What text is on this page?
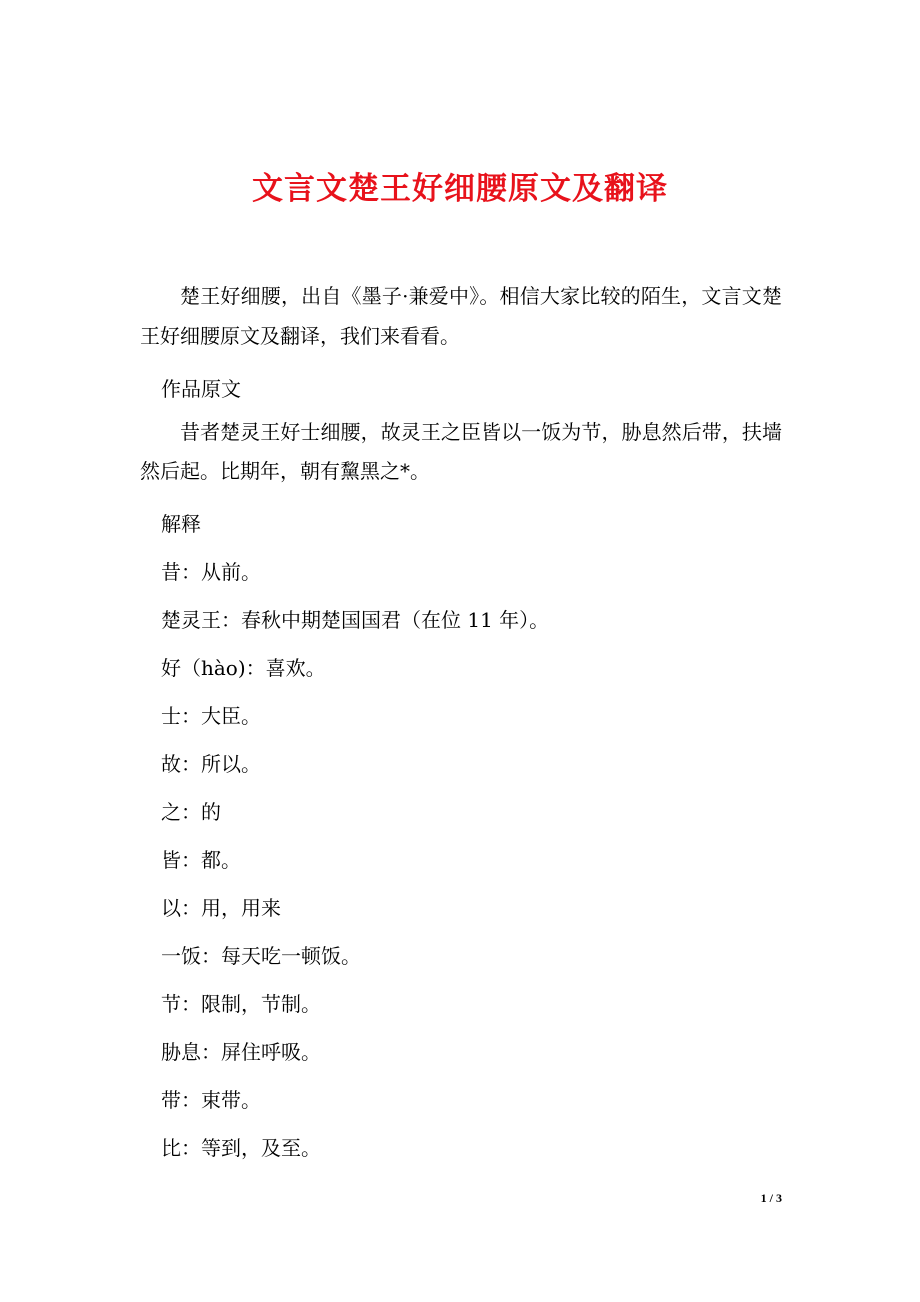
文言文楚王好细腰原文及翻译

楚王好细腰，出自《墨子·兼爱中》。相信大家比较的陌生，文言文楚王好细腰原文及翻译，我们来看看。

作品原文

昔者楚灵王好士细腰，故灵王之臣皆以一饭为节，胁息然后带，扶墙然后起。比期年，朝有黧黑之*。

解释

昔：从前。

楚灵王：春秋中期楚国国君（在位 11 年）。

好（hào)：喜欢。

士：大臣。

故：所以。

之：的

皆：都。

以：用，用来

一饭：每天吃一顿饭。

节：限制，节制。

胁息：屏住呼吸。

带：束带。

比：等到，及至。

1 / 3
